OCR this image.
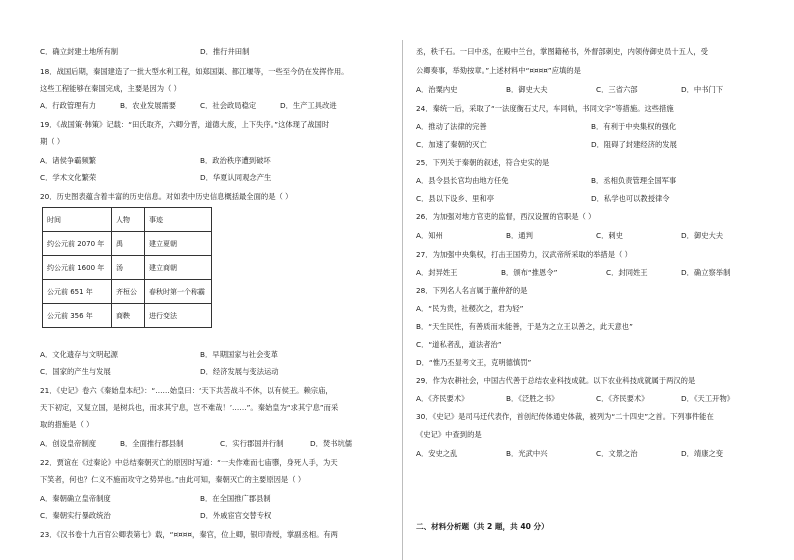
C．确立封建土地所有制	D．推行井田制
18．战国后期，秦国建造了一批大型水利工程，如郑国渠、都江堰等，一些至今仍在发挥作用。
这些工程能够在秦国完成，主要是因为（ ）
A．行政管理有力	B．农业发展需要	C．社会政局稳定	D．生产工具改进
19．《战国策·韩策》记载：“田氏取齐，六卿分晋，道德大废，上下失序。”这体现了战国时
期（ ）
A．诸侯争霸频繁	B．政治秩序遭到破坏
C．学术文化繁荣	D．华夏认同观念产生
20．历史图表蕴含着丰富的历史信息。对如表中历史信息概括最全面的是（ ）
时间	人物	事迹
约公元前 2070 年	禹	建立夏朝
约公元前 1600 年	汤	建立商朝
公元前 651 年	齐桓公	春秋时第一个称霸
公元前 356 年	商鞅	进行变法
A．文化遗存与文明起源	B．早期国家与社会变革
C．国家的产生与发展	D．经济发展与变法运动
21．《史记》卷六《秦始皇本纪》：“……始皇曰：‘天下共苦战斗不休，以有侯王。赖宗庙，
天下初定，又复立国，是树兵也，而求其宁息，岂不难哉！’……”。秦始皇为“求其宁息”而采
取的措施是（ ）
A．创设皇帝制度	B．全面推行郡县制	C．实行郡国并行制	D．焚书坑儒
22．贾谊在《过秦论》中总结秦朝灭亡的原因时写道：“一夫作难而七庙隳，身死人手，为天
下笑者，何也？仁义不施而攻守之势异也。”由此可知，秦朝灭亡的主要原因是（ ）
A．秦朝确立皇帝制度	B．在全国推广郡县制
C．秦朝实行暴政统治	D．外戚宦官交替专权
23．《汉书卷十九百官公卿表第七》载，“¤¤¤¤，秦官，位上卿，银印青绶，掌副丞相。有两
丞，秩千石。一曰中丞，在殿中兰台，掌图籍秘书，外督部刺史，内领侍御史员十五人，受
公卿奏事，举劾按章。”上述材料中“¤¤¤¤”应填的是
A．治粟内史	B．御史大夫	C．三省六部	D．中书门下
24．秦统一后，采取了“一法度衡石丈尺，车同轨，书同文字”等措施。这些措施
A．推动了法律的完善	B．有利于中央集权的强化
C．加速了秦朝的灭亡	D．阻碍了封建经济的发展
25．下列关于秦朝的叙述，符合史实的是
A．县令县长官均由地方任免	B．丞相负责管理全国军事
C．县以下设乡、里和亭	D．私学也可以教授律令
26．为加强对地方官吏的监督，西汉设置的官职是（ ）
A．知州	B．通判	C．刺史	D．御史大夫
27．为加强中央集权，打击王国势力，汉武帝所采取的举措是（ ）
A．封异姓王	B．颁布“推恩令”	C．封同姓王	D．确立察举制
28．下列名人名言属于董仲舒的是
A．“民为贵，社稷次之，君为轻”
B．“天生民性，有善质而未能善，于是为之立王以善之，此天意也”
C．“道私者乱，道法者治”
D．“惟乃丕显考文王，克明德慎罚”
29．作为农耕社会，中国古代善于总结农业科技成就。以下农业科技成就属于两汉的是
A．《齐民要术》	B．《泛胜之书》	C．《齐民要术》	D．《天工开物》
30．《史记》是司马迁代表作，首创纪传体通史体裁，被列为“二十四史”之首。下列事件能在
《史记》中查到的是
A．安史之乱	B．光武中兴	C．文景之治	D．靖康之变
二、材料分析题（共 2 题，共 40 分）
